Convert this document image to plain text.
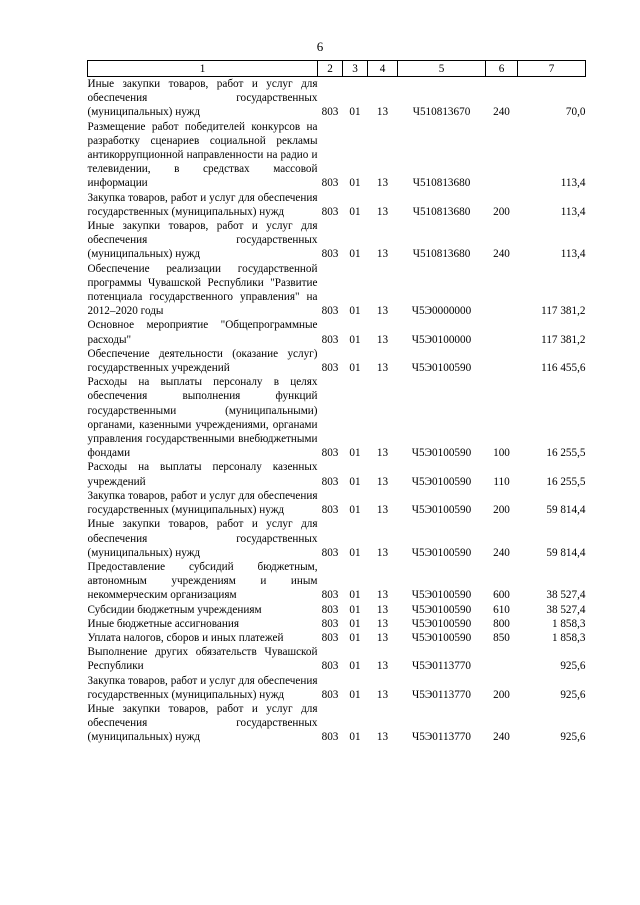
6
1	2	3	4	5	6	7
Иные закупки товаров, работ и услуг для обеспечения государственных (муниципальных) нужд	803	01	13	Ч510813670	240	70,0
Размещение работ победителей конкурсов на разработку сценариев социальной рекламы антикоррупционной направленности на радио и телевидении, в средствах массовой информации	803	01	13	Ч510813680		113,4
Закупка товаров, работ и услуг для обеспечения государственных (муниципальных) нужд	803	01	13	Ч510813680	200	113,4
Иные закупки товаров, работ и услуг для обеспечения государственных (муниципальных) нужд	803	01	13	Ч510813680	240	113,4
Обеспечение реализации государственной программы Чувашской Республики "Развитие потенциала государственного управления" на 2012–2020 годы	803	01	13	Ч5Э0000000		117 381,2
Основное мероприятие "Общепрограммные расходы"	803	01	13	Ч5Э0100000		117 381,2
Обеспечение деятельности (оказание услуг) государственных учреждений	803	01	13	Ч5Э0100590		116 455,6
Расходы на выплаты персоналу в целях обеспечения выполнения функций государственными (муниципальными) органами, казенными учреждениями, органами управления государственными внебюджетными фондами	803	01	13	Ч5Э0100590	100	16 255,5
Расходы на выплаты персоналу казенных учреждений	803	01	13	Ч5Э0100590	110	16 255,5
Закупка товаров, работ и услуг для обеспечения государственных (муниципальных) нужд	803	01	13	Ч5Э0100590	200	59 814,4
Иные закупки товаров, работ и услуг для обеспечения государственных (муниципальных) нужд	803	01	13	Ч5Э0100590	240	59 814,4
Предоставление субсидий бюджетным, автономным учреждениям и иным некоммерческим организациям	803	01	13	Ч5Э0100590	600	38 527,4
Субсидии бюджетным учреждениям	803	01	13	Ч5Э0100590	610	38 527,4
Иные бюджетные ассигнования	803	01	13	Ч5Э0100590	800	1 858,3
Уплата налогов, сборов и иных платежей	803	01	13	Ч5Э0100590	850	1 858,3
Выполнение других обязательств Чувашской Республики	803	01	13	Ч5Э0113770		925,6
Закупка товаров, работ и услуг для обеспечения государственных (муниципальных) нужд	803	01	13	Ч5Э0113770	200	925,6
Иные закупки товаров, работ и услуг для обеспечения государственных (муниципальных) нужд	803	01	13	Ч5Э0113770	240	925,6
